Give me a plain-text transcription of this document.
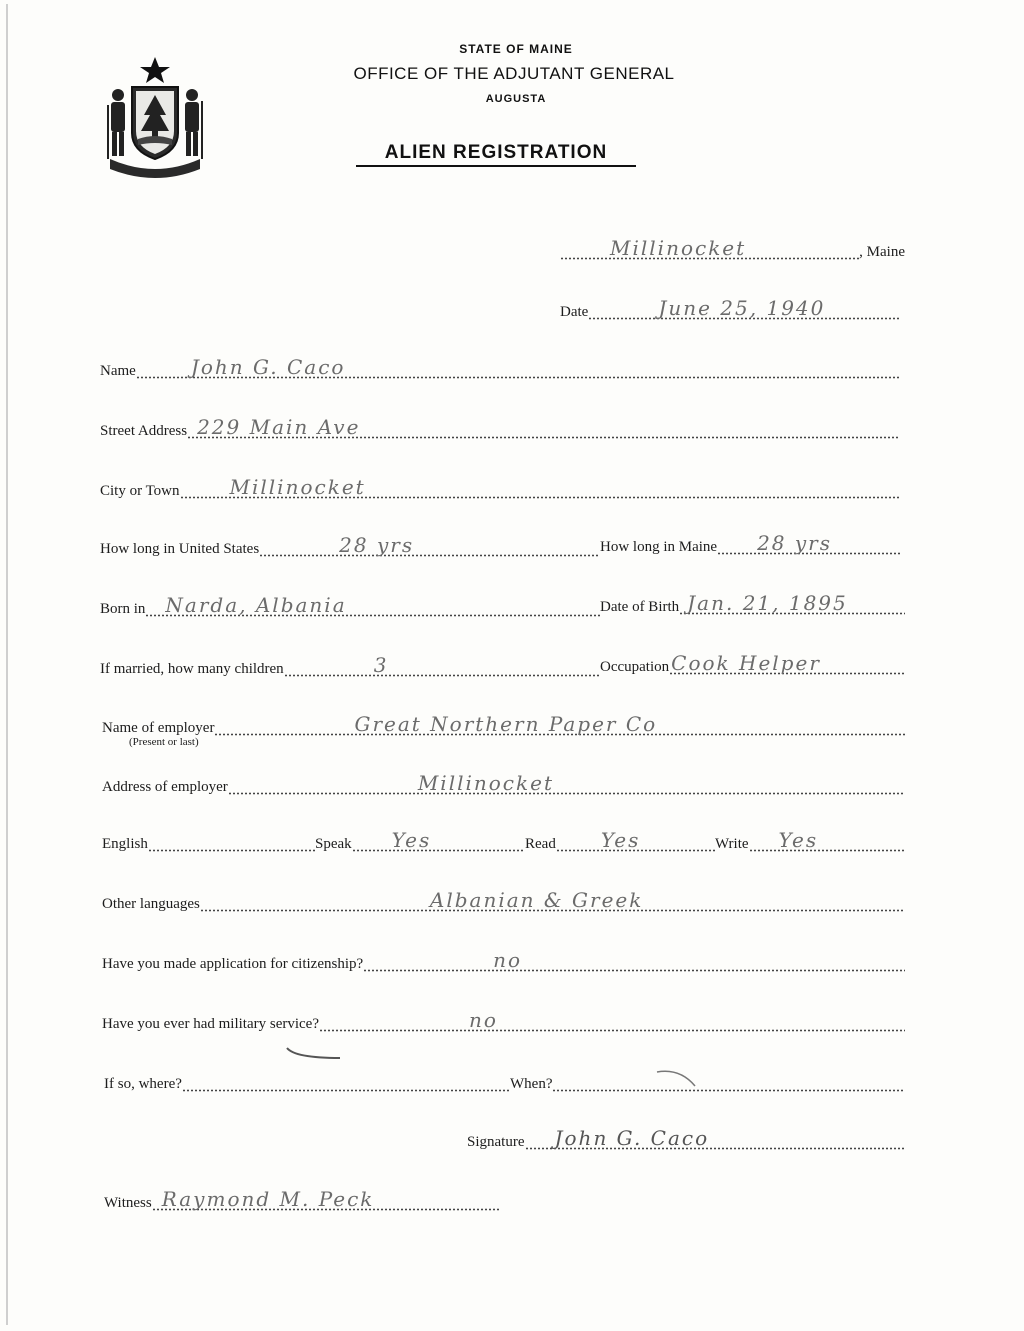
STATE OF MAINE
OFFICE OF THE ADJUTANT GENERAL
AUGUSTA
ALIEN REGISTRATION
Millinocket	, Maine
Date	June 25, 1940
Name	John G. Caco
Street Address 229 Main Ave
City or Town	Millinocket
How long in United States	28 yrs	How long in Maine 28 yrs
Born in Narda, Albania	Date of Birth Jan. 21, 1895
If married, how many children	3	Occupation Cook Helper
Name of employer	Great Northern Paper Co
(Present or last)
Address of employer	Millinocket
English	Speak Yes	Read Yes	Write Yes
Other languages	Albanian & Greek
Have you made application for citizenship?	no
Have you ever had military service?	no
If so, where?	When?
Signature John G. Caco
Witness Raymond M. Peck
